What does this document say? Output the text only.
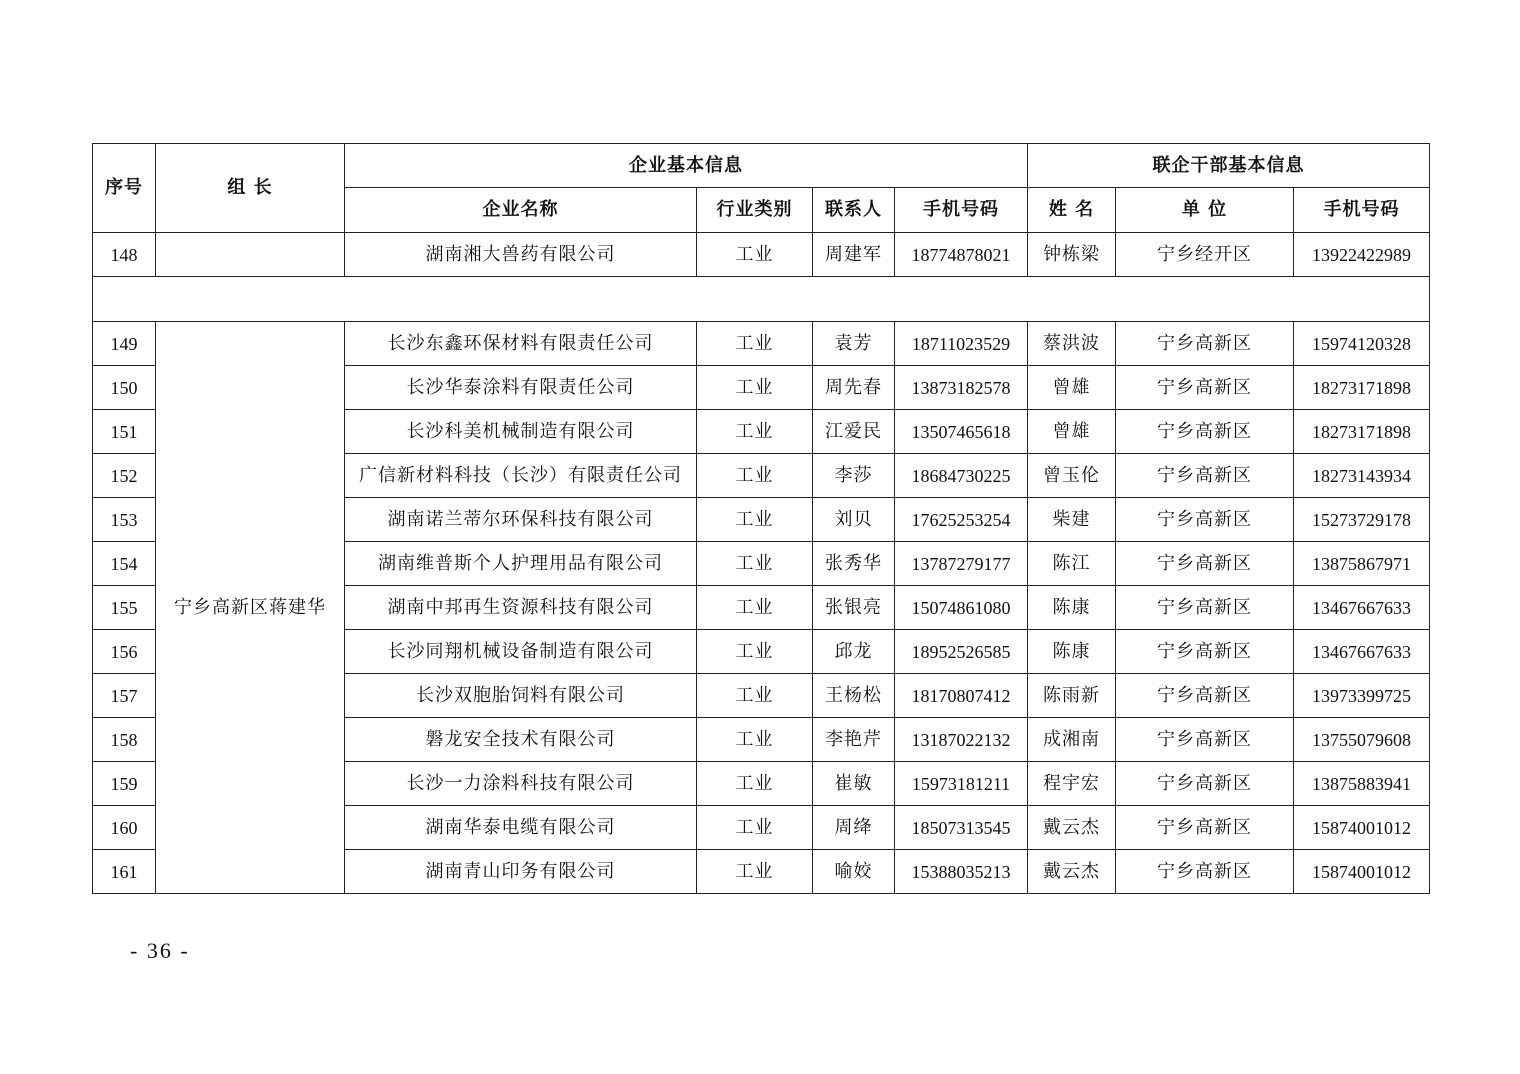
序号	组 长	企业基本信息				联企干部基本信息		
		企业名称	行业类别	联系人	手机号码	姓 名	单 位	手机号码
148		湖南湘大兽药有限公司	工业	周建军	18774878021	钟栋梁	宁乡经开区	13922422989

149	宁乡高新区蒋建华	长沙东鑫环保材料有限责任公司	工业	袁芳	18711023529	蔡洪波	宁乡高新区	15974120328
150		长沙华泰涂料有限责任公司	工业	周先春	13873182578	曾雄	宁乡高新区	18273171898
151		长沙科美机械制造有限公司	工业	江爱民	13507465618	曾雄	宁乡高新区	18273171898
152		广信新材料科技（长沙）有限责任公司	工业	李莎	18684730225	曾玉伦	宁乡高新区	18273143934
153		湖南诺兰蒂尔环保科技有限公司	工业	刘贝	17625253254	柴建	宁乡高新区	15273729178
154		湖南维普斯个人护理用品有限公司	工业	张秀华	13787279177	陈江	宁乡高新区	13875867971
155		湖南中邦再生资源科技有限公司	工业	张银亮	15074861080	陈康	宁乡高新区	13467667633
156		长沙同翔机械设备制造有限公司	工业	邱龙	18952526585	陈康	宁乡高新区	13467667633
157		长沙双胞胎饲料有限公司	工业	王杨松	18170807412	陈雨新	宁乡高新区	13973399725
158		磐龙安全技术有限公司	工业	李艳芹	13187022132	成湘南	宁乡高新区	13755079608
159		长沙一力涂料科技有限公司	工业	崔敏	15973181211	程宇宏	宁乡高新区	13875883941
160		湖南华泰电缆有限公司	工业	周绛	18507313545	戴云杰	宁乡高新区	15874001012
161		湖南青山印务有限公司	工业	喻姣	15388035213	戴云杰	宁乡高新区	15874001012
- 36 -
